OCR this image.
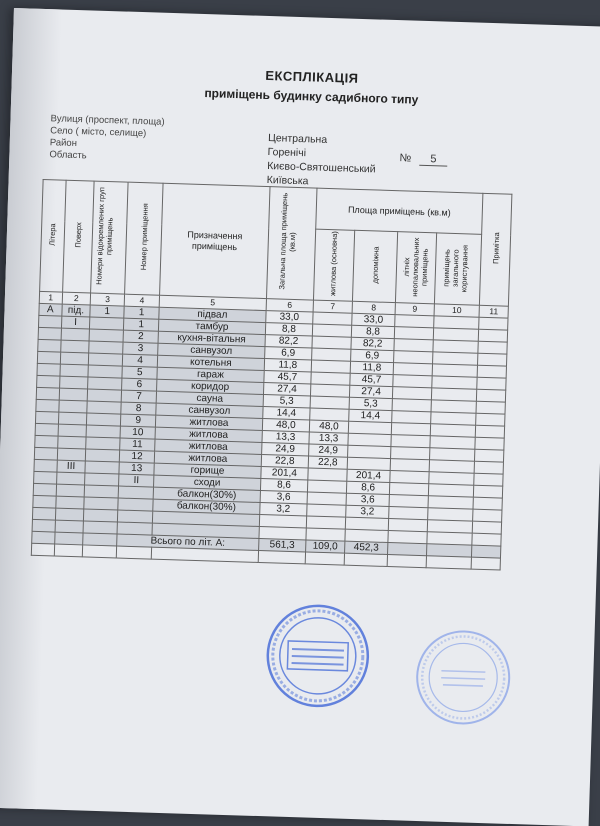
ЕКСПЛІКАЦІЯ
приміщень будинку садибного типу
Вулиця (проспект, площа)
Село ( місто, селище)
Район
Область
Центральна
Горенічі
Києво-Святошенський
Київська
№	5
Літера	Поверх	Номери відокремлених груп приміщень	Номер приміщення	Призначення приміщень	Загальна площа приміщень (кв.м)	Площа приміщень (кв.м)				Примітка
						житлова (основна)	допоміжна	літніх неопалювальних приміщень	приміщень загального користування	
1	2	3	4	5	6	7	8	9	10	11
А	під.	1	1	підвал	33,0		33,0			
	I		1	тамбур	8,8		8,8			
			2	кухня-вітальня	82,2		82,2			
			3	санвузол	6,9		6,9			
			4	котельня	11,8		11,8			
			5	гараж	45,7		45,7			
			6	коридор	27,4		27,4			
			7	сауна	5,3		5,3			
			8	санвузол	14,4		14,4			
			9	житлова	48,0	48,0				
			10	житлова	13,3	13,3				
			11	житлова	24,9	24,9				
			12	житлова	22,8	22,8				
	III		13	горище	201,4		201,4			
			II	сходи	8,6		8,6			
				балкон(30%)	3,6		3,6			
				балкон(30%)	3,2		3,2			

			Всього по літ. А:		561,3	109,0	452,3			
